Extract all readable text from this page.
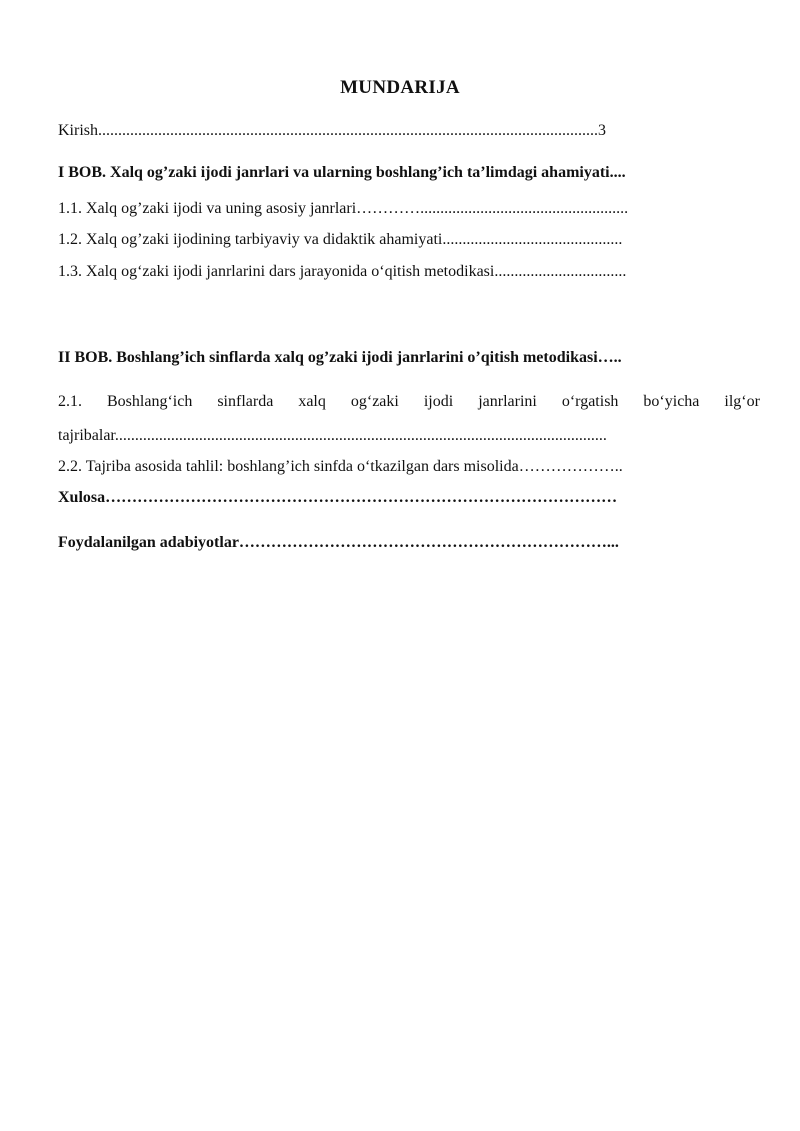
MUNDARIJA
Kirish.............................................................................................................................3
I BOB. Xalq og’zaki ijodi janrlari va ularning boshlang’ich ta’limdagi ahamiyati....
1.1. Xalq og’zaki ijodi va uning asosiy janrlari…………....................................................
1.2. Xalq og’zaki ijodining tarbiyaviy va didaktik ahamiyati.............................................
1.3. Xalq og‘zaki ijodi janrlarini dars jarayonida o‘qitish metodikasi.................................
II BOB. Boshlang’ich sinflarda xalq og’zaki ijodi janrlarini o’qitish metodikasi…..
2.1. Boshlang‘ich sinflarda xalq og‘zaki ijodi janrlarini o‘rgatish bo‘yicha ilg‘or
tajribalar...........................................................................................................................
2.2. Tajriba asosida tahlil: boshlang’ich sinfda o‘tkazilgan dars misolida………………..
Xulosa……………………………………………………………………………………
Foydalanilgan adabiyotlar……………………………………………………………...
